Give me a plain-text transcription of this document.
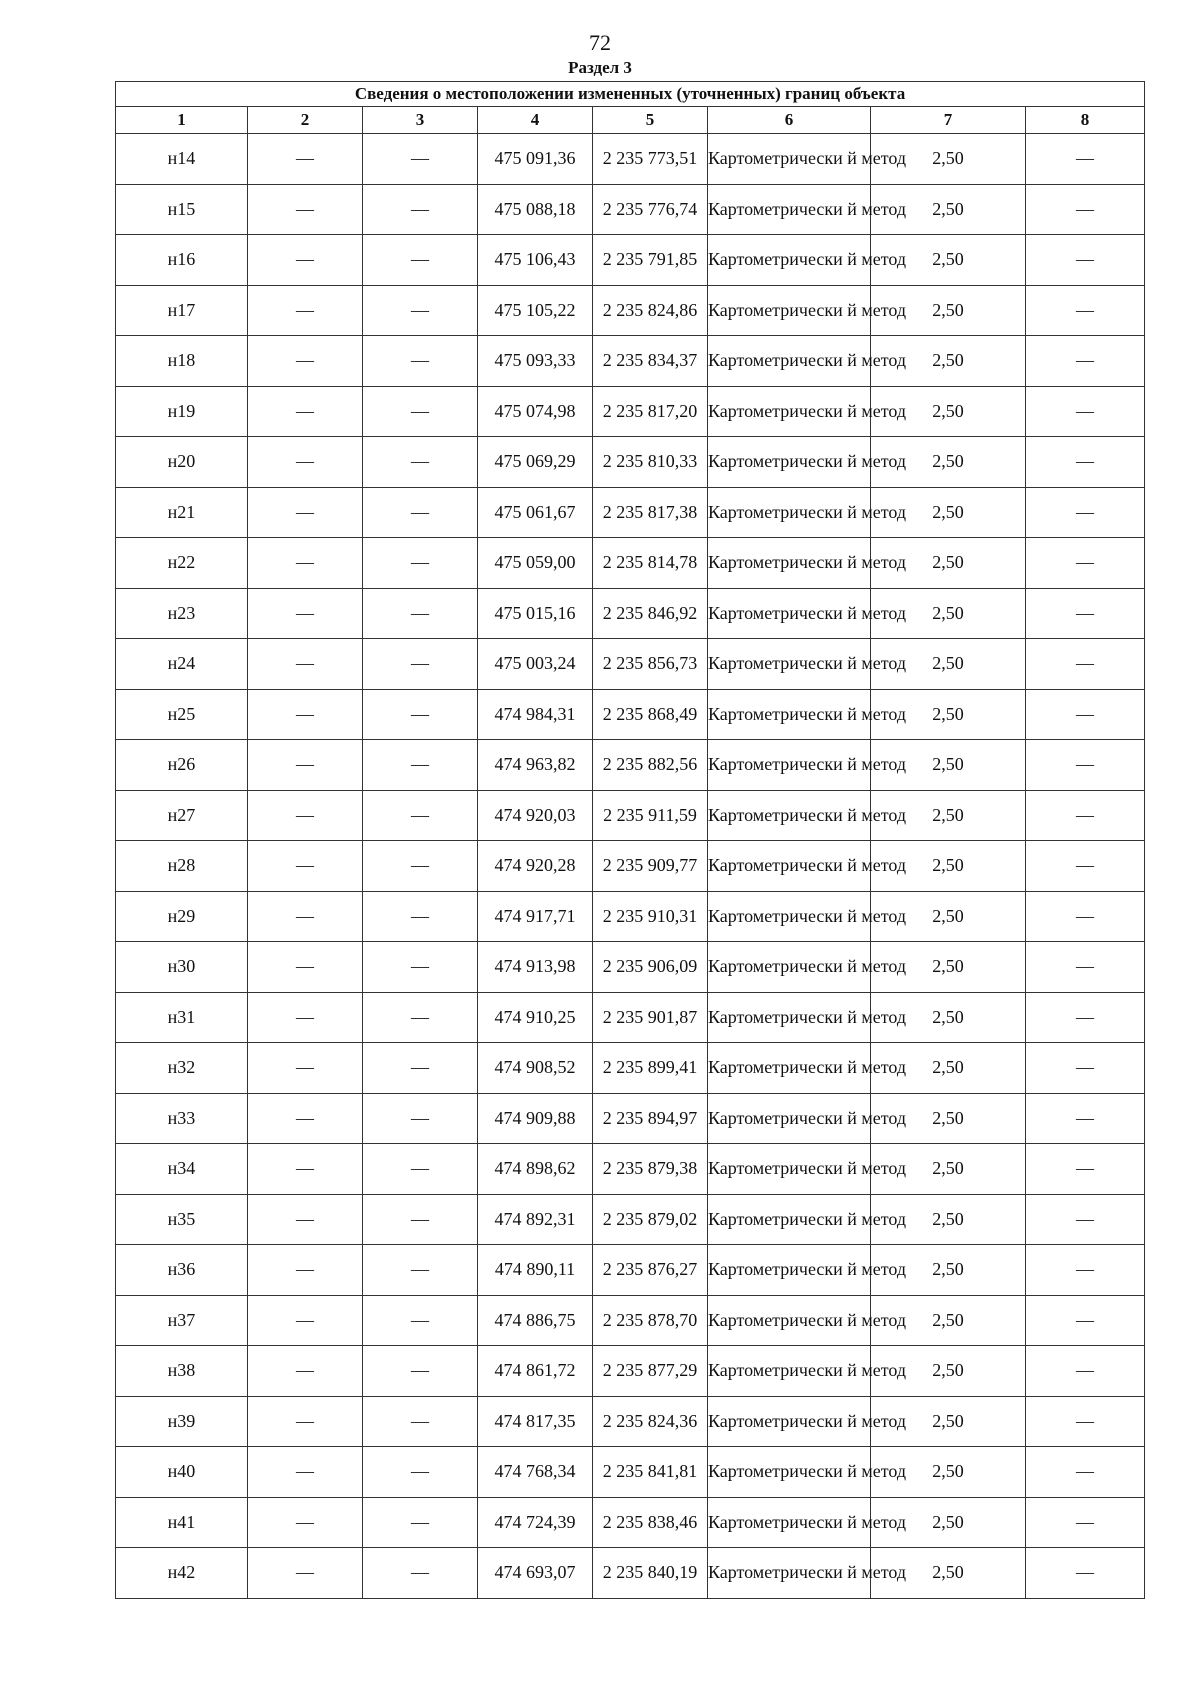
72
Раздел 3
Сведения о местоположении измененных (уточненных) границ объекта							
1	2	3	4	5	6	7	8
н14	—	—	475 091,36	2 235 773,51	Картометрически й метод	2,50	—
н15	—	—	475 088,18	2 235 776,74	Картометрически й метод	2,50	—
н16	—	—	475 106,43	2 235 791,85	Картометрически й метод	2,50	—
н17	—	—	475 105,22	2 235 824,86	Картометрически й метод	2,50	—
н18	—	—	475 093,33	2 235 834,37	Картометрически й метод	2,50	—
н19	—	—	475 074,98	2 235 817,20	Картометрически й метод	2,50	—
н20	—	—	475 069,29	2 235 810,33	Картометрически й метод	2,50	—
н21	—	—	475 061,67	2 235 817,38	Картометрически й метод	2,50	—
н22	—	—	475 059,00	2 235 814,78	Картометрически й метод	2,50	—
н23	—	—	475 015,16	2 235 846,92	Картометрически й метод	2,50	—
н24	—	—	475 003,24	2 235 856,73	Картометрически й метод	2,50	—
н25	—	—	474 984,31	2 235 868,49	Картометрически й метод	2,50	—
н26	—	—	474 963,82	2 235 882,56	Картометрически й метод	2,50	—
н27	—	—	474 920,03	2 235 911,59	Картометрически й метод	2,50	—
н28	—	—	474 920,28	2 235 909,77	Картометрически й метод	2,50	—
н29	—	—	474 917,71	2 235 910,31	Картометрически й метод	2,50	—
н30	—	—	474 913,98	2 235 906,09	Картометрически й метод	2,50	—
н31	—	—	474 910,25	2 235 901,87	Картометрически й метод	2,50	—
н32	—	—	474 908,52	2 235 899,41	Картометрически й метод	2,50	—
н33	—	—	474 909,88	2 235 894,97	Картометрически й метод	2,50	—
н34	—	—	474 898,62	2 235 879,38	Картометрически й метод	2,50	—
н35	—	—	474 892,31	2 235 879,02	Картометрически й метод	2,50	—
н36	—	—	474 890,11	2 235 876,27	Картометрически й метод	2,50	—
н37	—	—	474 886,75	2 235 878,70	Картометрически й метод	2,50	—
н38	—	—	474 861,72	2 235 877,29	Картометрически й метод	2,50	—
н39	—	—	474 817,35	2 235 824,36	Картометрически й метод	2,50	—
н40	—	—	474 768,34	2 235 841,81	Картометрически й метод	2,50	—
н41	—	—	474 724,39	2 235 838,46	Картометрически й метод	2,50	—
н42	—	—	474 693,07	2 235 840,19	Картометрически й метод	2,50	—
